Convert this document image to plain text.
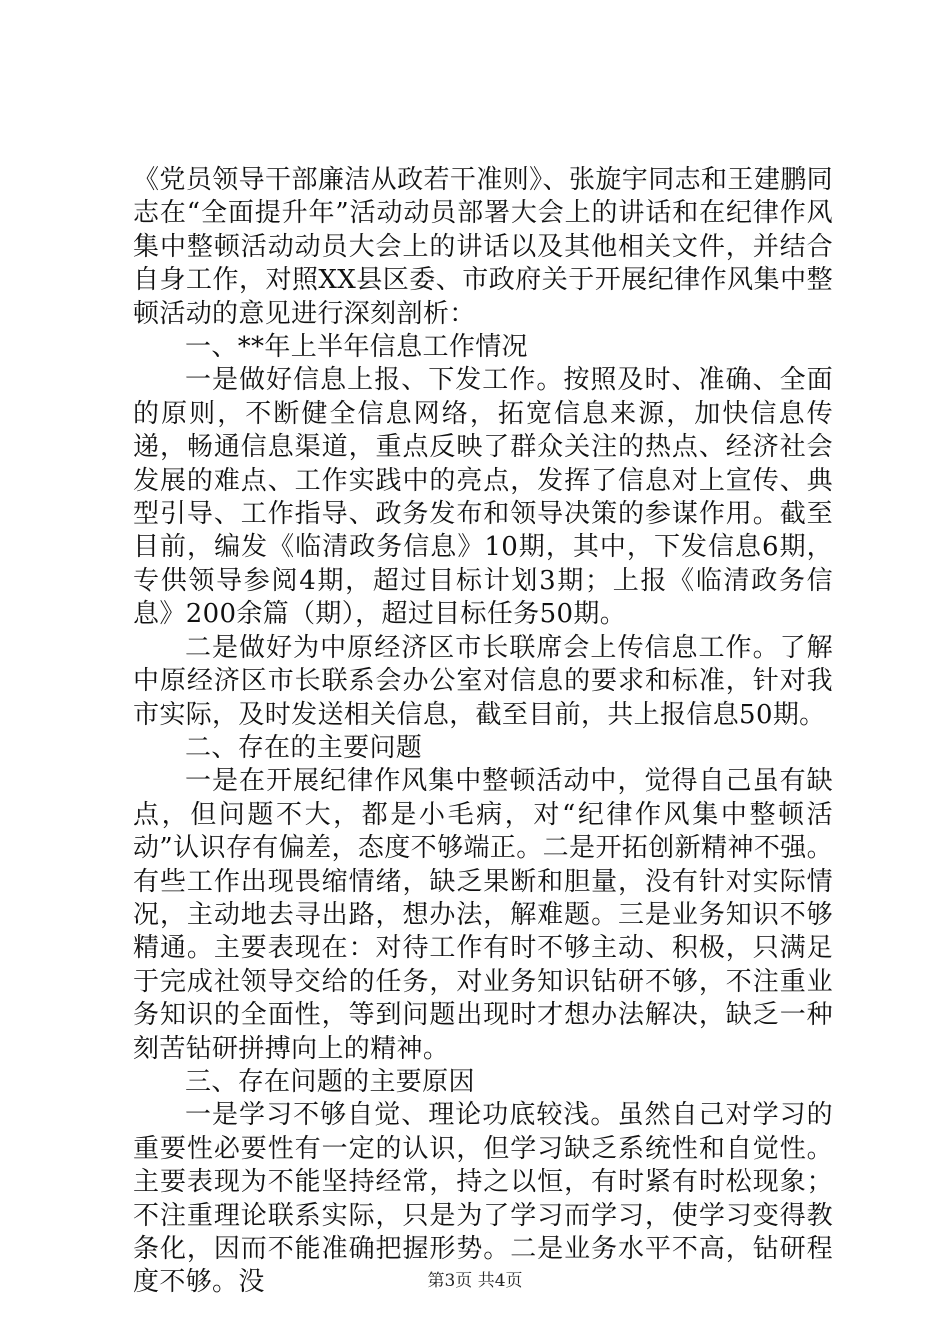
《党员领导干部廉洁从政若干准则》、张旋宇同志和王建鹏同志在“全面提升年”活动动员部署大会上的讲话和在纪律作风集中整顿活动动员大会上的讲话以及其他相关文件，并结合自身工作，对照XX县区委、市政府关于开展纪律作风集中整顿活动的意见进行深刻剖析：

一、**年上半年信息工作情况

一是做好信息上报、下发工作。按照及时、准确、全面的原则，不断健全信息网络，拓宽信息来源，加快信息传递，畅通信息渠道，重点反映了群众关注的热点、经济社会发展的难点、工作实践中的亮点，发挥了信息对上宣传、典型引导、工作指导、政务发布和领导决策的参谋作用。截至目前，编发《临清政务信息》10期，其中，下发信息6期，专供领导参阅4期，超过目标计划3期；上报《临清政务信息》200余篇（期），超过目标任务50期。

二是做好为中原经济区市长联席会上传信息工作。了解中原经济区市长联系会办公室对信息的要求和标准，针对我市实际，及时发送相关信息，截至目前，共上报信息50期。

二、存在的主要问题

一是在开展纪律作风集中整顿活动中，觉得自己虽有缺点，但问题不大，都是小毛病，对“纪律作风集中整顿活动”认识存有偏差，态度不够端正。二是开拓创新精神不强。有些工作出现畏缩情绪，缺乏果断和胆量，没有针对实际情况，主动地去寻出路，想办法，解难题。三是业务知识不够精通。主要表现在：对待工作有时不够主动、积极，只满足于完成社领导交给的任务，对业务知识钻研不够，不注重业务知识的全面性，等到问题出现时才想办法解决，缺乏一种刻苦钻研拼搏向上的精神。

三、存在问题的主要原因

一是学习不够自觉、理论功底较浅。虽然自己对学习的重要性必要性有一定的认识，但学习缺乏系统性和自觉性。主要表现为不能坚持经常，持之以恒，有时紧有时松现象；不注重理论联系实际，只是为了学习而学习，使学习变得教条化，因而不能准确把握形势。二是业务水平不高，钻研程度不够。没	第3页 共4页
